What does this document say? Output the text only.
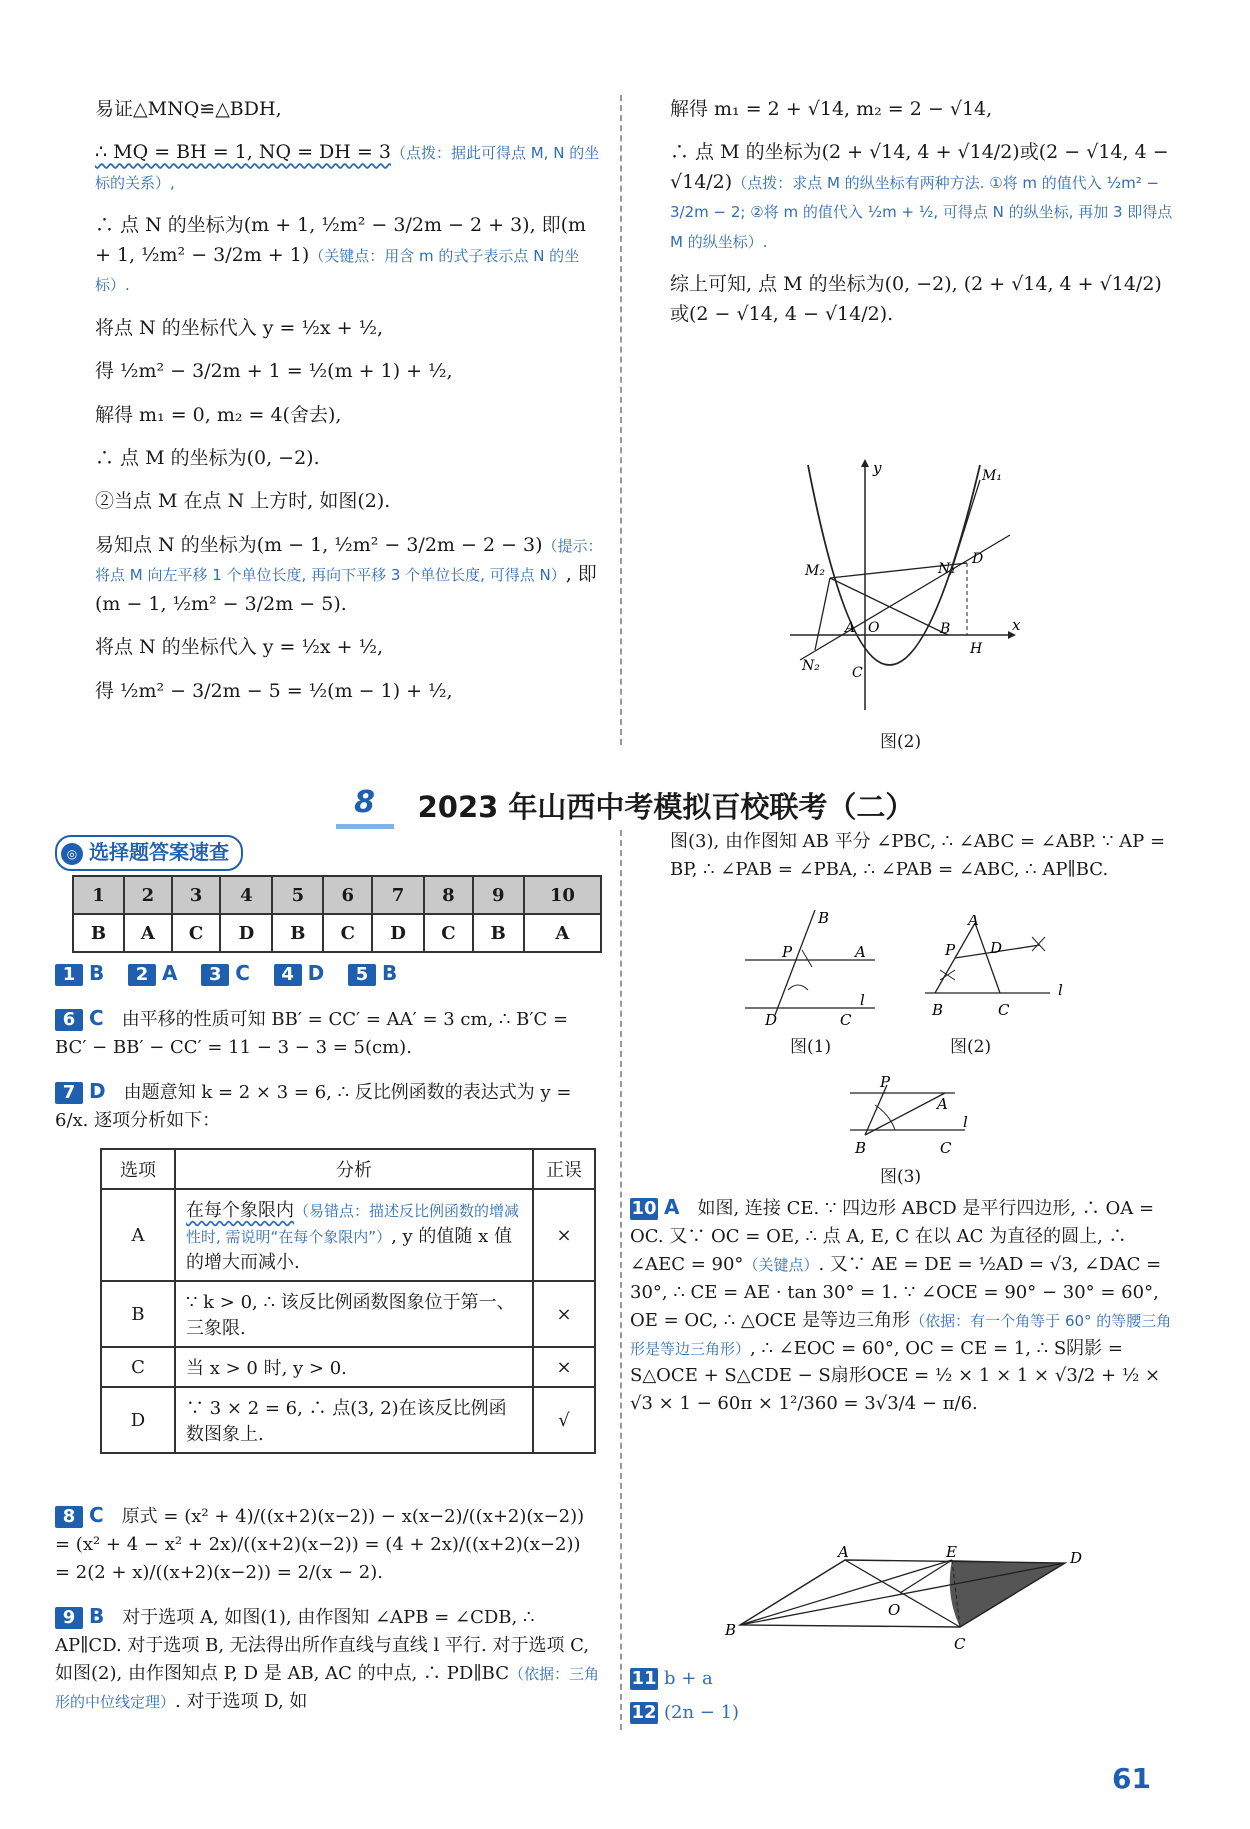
易证△MNQ≌△BDH,

∴ MQ = BH = 1, NQ = DH = 3（点拨：据此可得点 M, N 的坐标的关系）,

∴ 点 N 的坐标为(m + 1, ½m² − 3/2m − 2 + 3), 即(m + 1, ½m² − 3/2m + 1)（关键点：用含 m 的式子表示点 N 的坐标）.

将点 N 的坐标代入 y = ½x + ½,

得 ½m² − 3/2m + 1 = ½(m + 1) + ½,

解得 m₁ = 0, m₂ = 4(舍去),

∴ 点 M 的坐标为(0, −2).

②当点 M 在点 N 上方时, 如图(2).

易知点 N 的坐标为(m − 1, ½m² − 3/2m − 2 − 3)（提示：将点 M 向左平移 1 个单位长度, 再向下平移 3 个单位长度, 可得点 N）, 即(m − 1, ½m² − 3/2m − 5).

将点 N 的坐标代入 y = ½x + ½,

得 ½m² − 3/2m − 5 = ½(m − 1) + ½,

解得 m₁ = 2 + √14, m₂ = 2 − √14,

∴ 点 M 的坐标为(2 + √14, 4 + √14/2)或(2 − √14, 4 − √14/2)（点拨：求点 M 的纵坐标有两种方法. ①将 m 的值代入 ½m² − 3/2m − 2; ②将 m 的值代入 ½m + ½, 可得点 N 的纵坐标, 再加 3 即得点 M 的纵坐标）.

综上可知, 点 M 的坐标为(0, −2), (2 + √14, 4 + √14/2)或(2 − √14, 4 − √14/2).

y
x
M₁
M₂	N₁
N₂
D
A O	B
H
C
图(2)
8 2023 年山西中考模拟百校联考（二）
◎ 选择题答案速查
1	2	3	4	5	6	7	8	9	10
B	A	C	D	B	C	D	C	B	A

1 B 2 A 3 C 4 D 5 B

6 C 由平移的性质可知 BB′ = CC′ = AA′ = 3 cm, ∴ B′C = BC′ − BB′ − CC′ = 11 − 3 − 3 = 5(cm).

7 D 由题意知 k = 2 × 3 = 6, ∴ 反比例函数的表达式为 y = 6/x. 逐项分析如下：

选项	分析	正误
A	在每个象限内（易错点：描述反比例函数的增减性时, 需说明“在每个象限内”）, y 的值随 x 值的增大而减小.	×
B	∵ k > 0, ∴ 该反比例函数图象位于第一、三象限.	×
C	当 x > 0 时, y > 0.	×
D	∵ 3 × 2 = 6, ∴ 点(3, 2)在该反比例函数图象上.	√

8 C 原式 = (x² + 4)/((x+2)(x−2)) − x(x−2)/((x+2)(x−2)) = (x² + 4 − x² + 2x)/((x+2)(x−2)) = (4 + 2x)/((x+2)(x−2)) = 2(2 + x)/((x+2)(x−2)) = 2/(x − 2).

9 B 对于选项 A, 如图(1), 由作图知 ∠APB = ∠CDB, ∴ AP∥CD. 对于选项 B, 无法得出所作直线与直线 l 平行. 对于选项 C, 如图(2), 由作图知点 P, D 是 AB, AC 的中点, ∴ PD∥BC（依据：三角形的中位线定理）. 对于选项 D, 如

图(3), 由作图知 AB 平分 ∠PBC, ∴ ∠ABC = ∠ABP. ∵ AP = BP, ∴ ∠PAB = ∠PBA, ∴ ∠PAB = ∠ABC, ∴ AP∥BC.

B
P	A
D	C
l
图(1)
A
P D
B	C
l
图(2)
P
A
B	C
l
图(3)

10 A 如图, 连接 CE. ∵ 四边形 ABCD 是平行四边形, ∴ OA = OC. 又∵ OC = OE, ∴ 点 A, E, C 在以 AC 为直径的圆上, ∴ ∠AEC = 90°（关键点）. 又∵ AE = DE = ½AD = √3, ∠DAC = 30°, ∴ CE = AE · tan 30° = 1. ∵ ∠OCE = 90° − 30° = 60°, OE = OC, ∴ △OCE 是等边三角形（依据：有一个角等于 60° 的等腰三角形是等边三角形）, ∴ ∠EOC = 60°, OC = CE = 1, ∴ S阴影 = S△OCE + S△CDE − S扇形OCE = ½ × 1 × 1 × √3/2 + ½ × √3 × 1 − 60π × 1²/360 = 3√3/4 − π/6.

A	E	D
O
B
C

11 b + a

12 (2n − 1)

61
